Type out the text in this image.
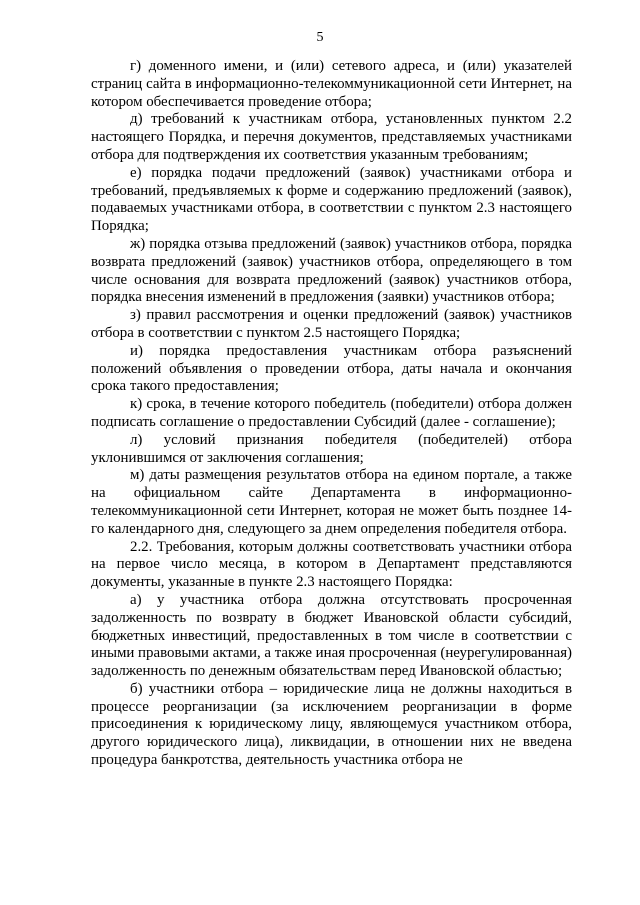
5

г) доменного имени, и (или) сетевого адреса, и (или) указателей страниц сайта в информационно-телекоммуникационной сети Интернет, на котором обеспечивается проведение отбора;

д) требований к участникам отбора, установленных пунктом 2.2 настоящего Порядка, и перечня документов, представляемых участниками отбора для подтверждения их соответствия указанным требованиям;

е) порядка подачи предложений (заявок) участниками отбора и требований, предъявляемых к форме и содержанию предложений (заявок), подаваемых участниками отбора, в соответствии с пунктом 2.3 настоящего Порядка;

ж) порядка отзыва предложений (заявок) участников отбора, порядка возврата предложений (заявок) участников отбора, определяющего в том числе основания для возврата предложений (заявок) участников отбора, порядка внесения изменений в предложения (заявки) участников отбора;

з) правил рассмотрения и оценки предложений (заявок) участников отбора в соответствии с пунктом 2.5 настоящего Порядка;

и) порядка предоставления участникам отбора разъяснений положений объявления о проведении отбора, даты начала и окончания срока такого предоставления;

к) срока, в течение которого победитель (победители) отбора должен подписать соглашение о предоставлении Субсидий (далее - соглашение);

л) условий признания победителя (победителей) отбора уклонившимся от заключения соглашения;

м) даты размещения результатов отбора на едином портале, а также на официальном сайте Департамента в информационно-телекоммуникационной сети Интернет, которая не может быть позднее 14-го календарного дня, следующего за днем определения победителя отбора.

2.2. Требования, которым должны соответствовать участники отбора на первое число месяца, в котором в Департамент представляются документы, указанные в пункте 2.3 настоящего Порядка:

а) у участника отбора должна отсутствовать просроченная задолженность по возврату в бюджет Ивановской области субсидий, бюджетных инвестиций, предоставленных в том числе в соответствии с иными правовыми актами, а также иная просроченная (неурегулированная) задолженность по денежным обязательствам перед Ивановской областью;

б) участники отбора – юридические лица не должны находиться в процессе реорганизации (за исключением реорганизации в форме присоединения к юридическому лицу, являющемуся участником отбора, другого юридического лица), ликвидации, в отношении них не введена процедура банкротства, деятельность участника отбора не
